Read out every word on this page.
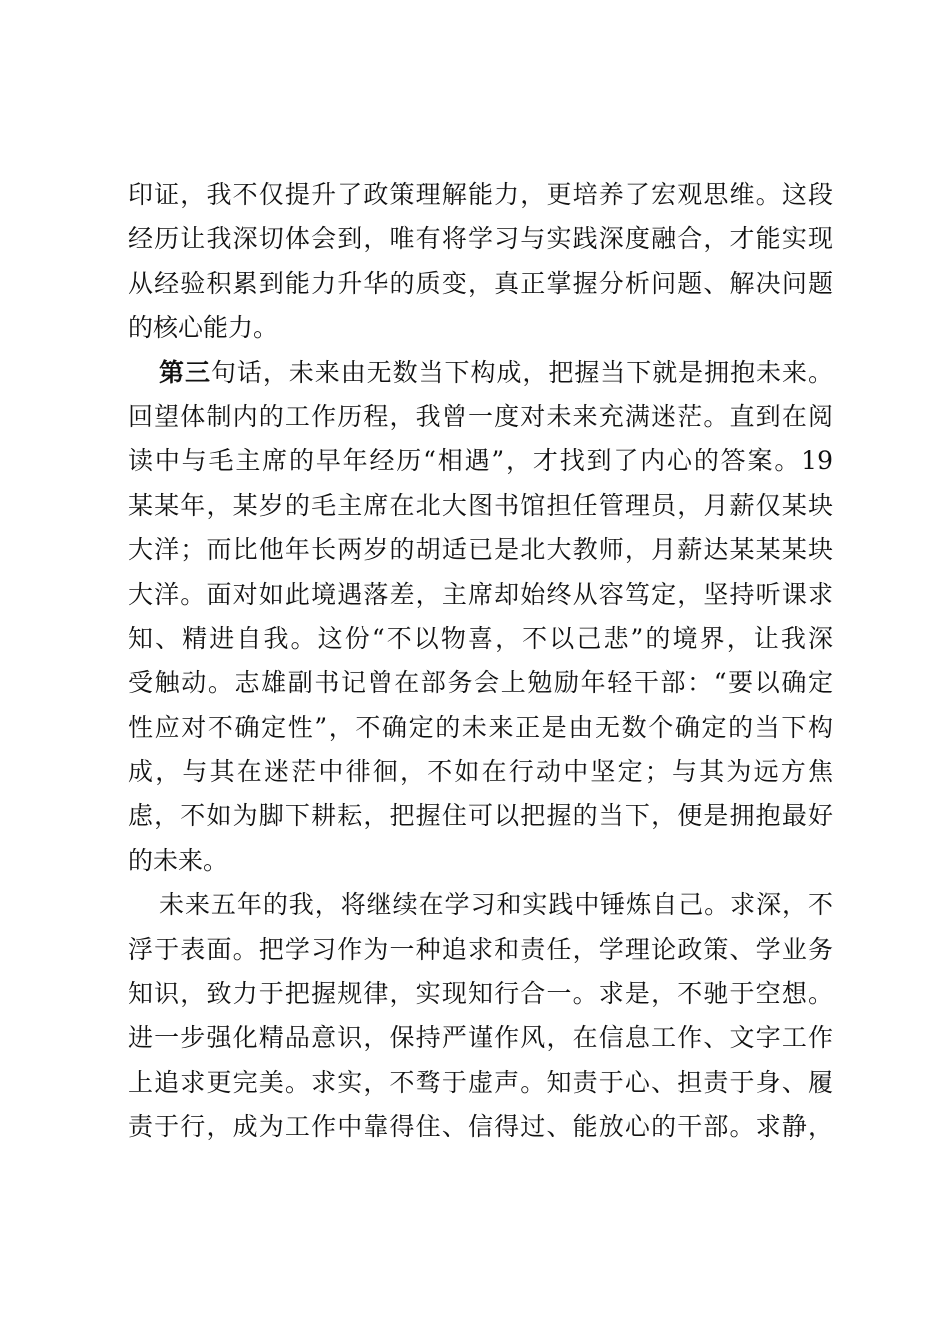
印证，我不仅提升了政策理解能力，更培养了宏观思维。这段
经历让我深切体会到，唯有将学习与实践深度融合，才能实现
从经验积累到能力升华的质变，真正掌握分析问题、解决问题
的核心能力。
第三句话，未来由无数当下构成，把握当下就是拥抱未来。
回望体制内的工作历程，我曾一度对未来充满迷茫。直到在阅
读中与毛主席的早年经历“相遇”，才找到了内心的答案。19
某某年，某岁的毛主席在北大图书馆担任管理员，月薪仅某块
大洋；而比他年长两岁的胡适已是北大教师，月薪达某某某块
大洋。面对如此境遇落差，主席却始终从容笃定，坚持听课求
知、精进自我。这份“不以物喜，不以己悲”的境界，让我深
受触动。志雄副书记曾在部务会上勉励年轻干部：“要以确定
性应对不确定性”，不确定的未来正是由无数个确定的当下构
成，与其在迷茫中徘徊，不如在行动中坚定；与其为远方焦
虑，不如为脚下耕耘，把握住可以把握的当下，便是拥抱最好
的未来。
未来五年的我，将继续在学习和实践中锤炼自己。求深，不
浮于表面。把学习作为一种追求和责任，学理论政策、学业务
知识，致力于把握规律，实现知行合一。求是，不驰于空想。
进一步强化精品意识，保持严谨作风，在信息工作、文字工作
上追求更完美。求实，不骛于虚声。知责于心、担责于身、履
责于行，成为工作中靠得住、信得过、能放心的干部。求静，
